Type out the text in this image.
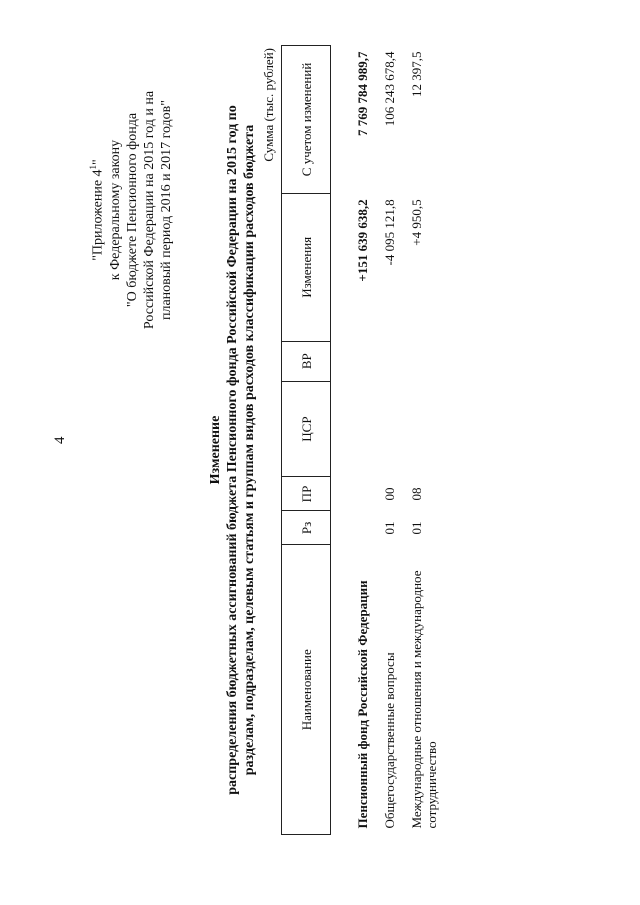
4
"Приложение $4^1$" к Федеральному закону "О бюджете Пенсионного фонда Российской Федерации на 2015 год и на плановый период 2016 и 2017 годов"
Изменение распределения бюджетных ассигнований бюджета Пенсионного фонда Российской Федерации на 2015 год по разделам, подразделам, целевым статьям и группам видов расходов классификации расходов бюджета
Сумма (тыс. рублей)
Наименование	Рз	ПР	ЦСР	ВР	Изменения	С учетом изменений

Пенсионный фонд Российской Федерации					+151 639 638,2	7 769 784 989,7
Общегосударственные вопросы	01	00			-4 095 121,8	106 243 678,4
Международные отношения и международное сотрудничество	01	08			+4 950,5	12 397,5
